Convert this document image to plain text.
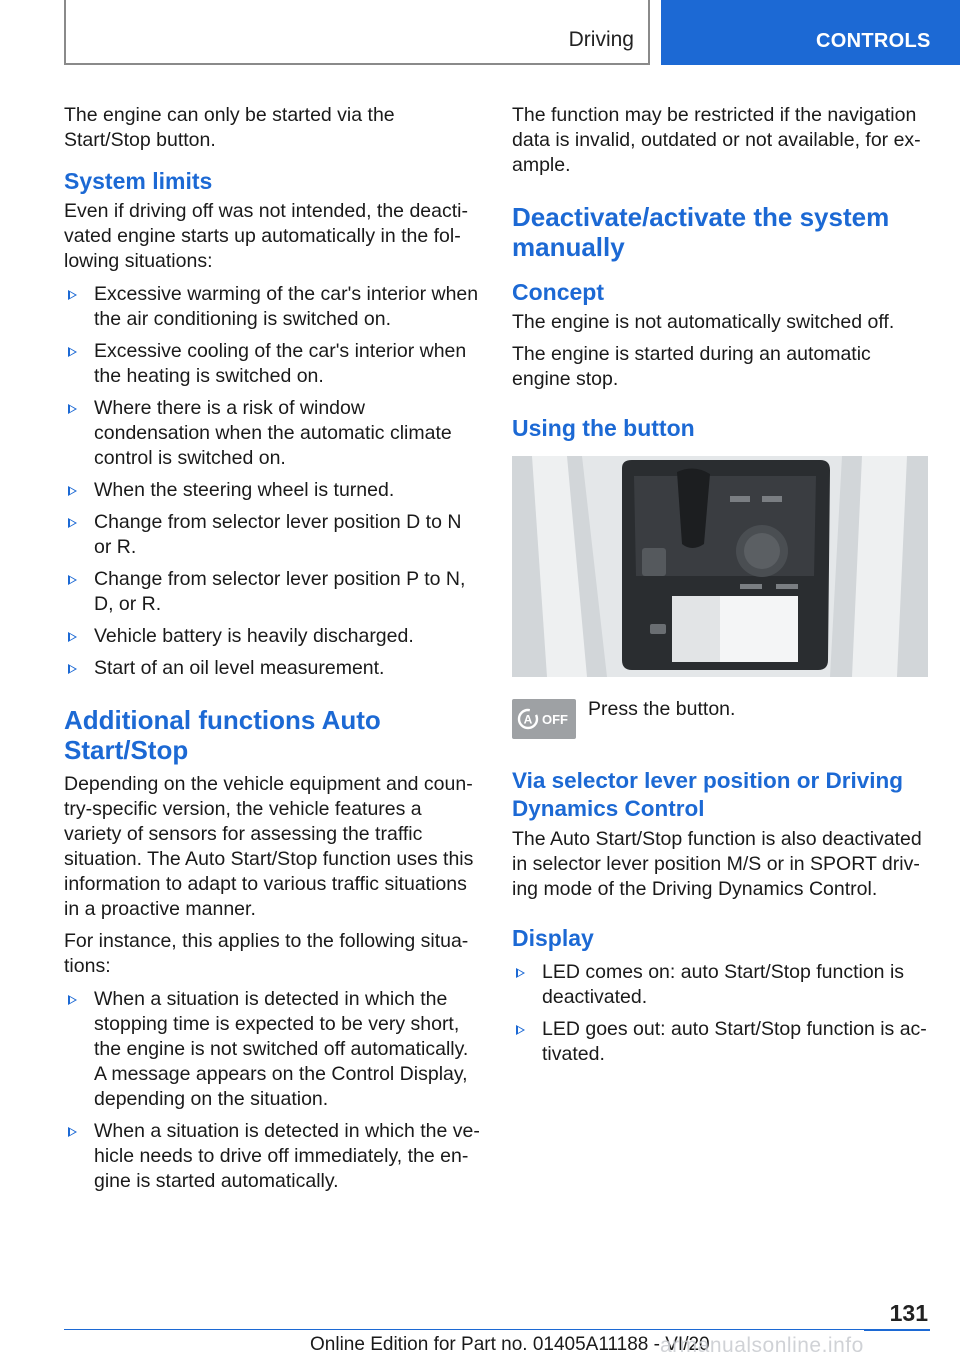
Driving	CONTROLS

The engine can only be started via the Start/Stop button.

System limits

Even if driving off was not intended, the deacti‐vated engine starts up automatically in the fol‐lowing situations:

Excessive warming of the car's interior when the air conditioning is switched on.
Excessive cooling of the car's interior when the heating is switched on.
Where there is a risk of window condensation when the automatic climate control is switched on.
When the steering wheel is turned.
Change from selector lever position D to N or R.
Change from selector lever position P to N, D, or R.
Vehicle battery is heavily discharged.
Start of an oil level measurement.
Additional functions Auto Start/Stop

Depending on the vehicle equipment and coun‐try-specific version, the vehicle features a variety of sensors for assessing the traffic situation. The Auto Start/Stop function uses this information to adapt to various traffic situations in a proactive manner.

For instance, this applies to the following situa‐tions:

When a situation is detected in which the stopping time is expected to be very short, the engine is not switched off automatically. A message appears on the Control Display, depending on the situation.
When a situation is detected in which the ve‐hicle needs to drive off immediately, the en‐gine is started automatically.

The function may be restricted if the navigation data is invalid, outdated or not available, for ex‐ample.

Deactivate/activate the system manually
Concept

The engine is not automatically switched off.

The engine is started during an automatic engine stop.

Using the button
A OFF Press the button.
Via selector lever position or Driving Dynamics Control

The Auto Start/Stop function is also deactivated in selector lever position M/S or in SPORT driv‐ing mode of the Driving Dynamics Control.

Display
LED comes on: auto Start/Stop function is deactivated.
LED goes out: auto Start/Stop function is ac‐tivated.
131
Online Edition for Part no. 01405A11188 - VI/20
armanualsonline.info
